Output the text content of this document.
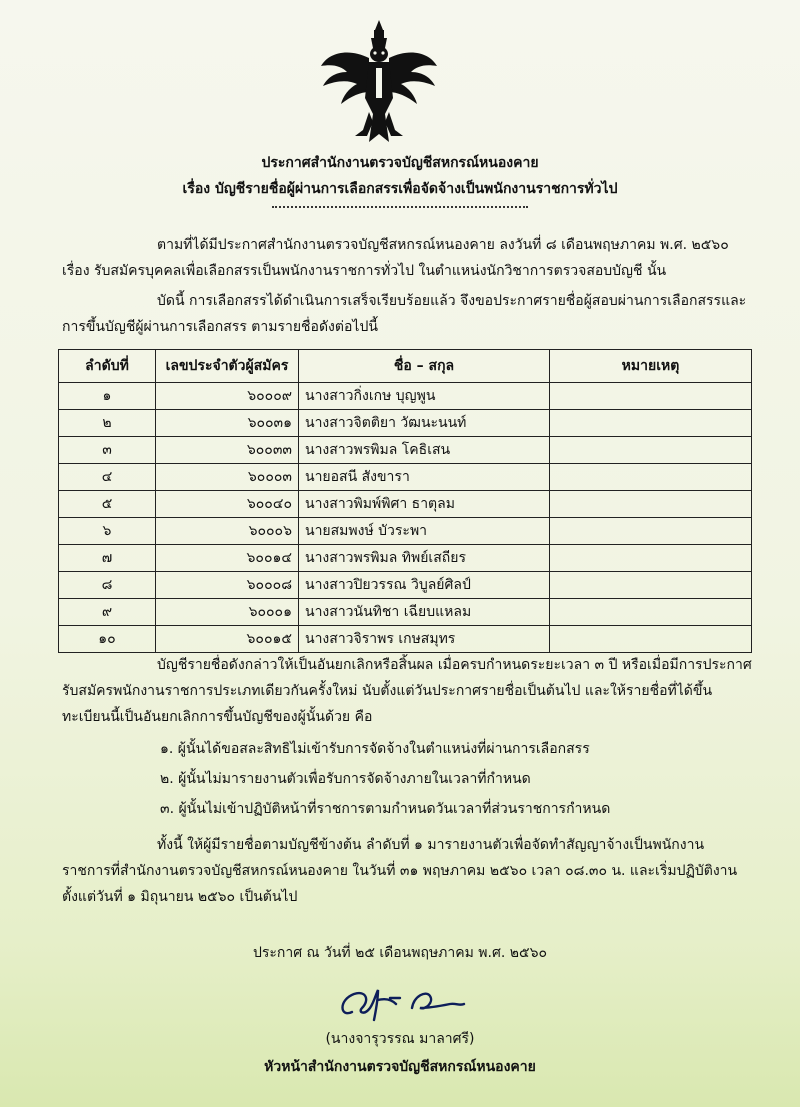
ประกาศสำนักงานตรวจบัญชีสหกรณ์หนองคาย
เรื่อง บัญชีรายชื่อผู้ผ่านการเลือกสรรเพื่อจัดจ้างเป็นพนักงานราชการทั่วไป
ตามที่ได้มีประกาศสำนักงานตรวจบัญชีสหกรณ์หนองคาย ลงวันที่ ๘ เดือนพฤษภาคม พ.ศ. ๒๕๖๐ เรื่อง รับสมัครบุคคลเพื่อเลือกสรรเป็นพนักงานราชการทั่วไป ในตำแหน่งนักวิชาการตรวจสอบบัญชี นั้น
บัดนี้ การเลือกสรรได้ดำเนินการเสร็จเรียบร้อยแล้ว จึงขอประกาศรายชื่อผู้สอบผ่านการเลือกสรรและการขึ้นบัญชีผู้ผ่านการเลือกสรร ตามรายชื่อดังต่อไปนี้
ลำดับที่	เลขประจำตัวผู้สมัคร	ชื่อ – สกุล	หมายเหตุ
๑	๖๐๐๐๙	นางสาวกิ่งเกษ บุญพูน	
๒	๖๐๐๓๑	นางสาวจิตติยา วัฒนะนนท์	
๓	๖๐๐๓๓	นางสาวพรพิมล โคธิเสน	
๔	๖๐๐๐๓	นายอสนี สังขารา	
๕	๖๐๐๔๐	นางสาวพิมพ์พิศา ธาตุลม	
๖	๖๐๐๐๖	นายสมพงษ์ บัวระพา	
๗	๖๐๐๑๔	นางสาวพรพิมล ทิพย์เสถียร	
๘	๖๐๐๐๘	นางสาวปิยวรรณ วิบูลย์ศิลป์	
๙	๖๐๐๐๑	นางสาวนันทิชา เฉียบแหลม	
๑๐	๖๐๐๑๕	นางสาวจิราพร เกษสมุทร	
บัญชีรายชื่อดังกล่าวให้เป็นอันยกเลิกหรือสิ้นผล เมื่อครบกำหนดระยะเวลา ๓ ปี หรือเมื่อมีการประกาศรับสมัครพนักงานราชการประเภทเดียวกันครั้งใหม่ นับตั้งแต่วันประกาศรายชื่อเป็นต้นไป และให้รายชื่อที่ได้ขึ้นทะเบียนนี้เป็นอันยกเลิกการขึ้นบัญชีของผู้นั้นด้วย คือ
๑. ผู้นั้นได้ขอสละสิทธิไม่เข้ารับการจัดจ้างในตำแหน่งที่ผ่านการเลือกสรร
๒. ผู้นั้นไม่มารายงานตัวเพื่อรับการจัดจ้างภายในเวลาที่กำหนด
๓. ผู้นั้นไม่เข้าปฏิบัติหน้าที่ราชการตามกำหนดวันเวลาที่ส่วนราชการกำหนด
ทั้งนี้ ให้ผู้มีรายชื่อตามบัญชีข้างต้น ลำดับที่ ๑ มารายงานตัวเพื่อจัดทำสัญญาจ้างเป็นพนักงานราชการที่สำนักงานตรวจบัญชีสหกรณ์หนองคาย ในวันที่ ๓๑ พฤษภาคม ๒๕๖๐ เวลา ๐๘.๓๐ น. และเริ่มปฏิบัติงานตั้งแต่วันที่ ๑ มิถุนายน ๒๕๖๐ เป็นต้นไป
ประกาศ ณ วันที่ ๒๕ เดือนพฤษภาคม พ.ศ. ๒๕๖๐
(นางจารุวรรณ มาลาศรี)
หัวหน้าสำนักงานตรวจบัญชีสหกรณ์หนองคาย
